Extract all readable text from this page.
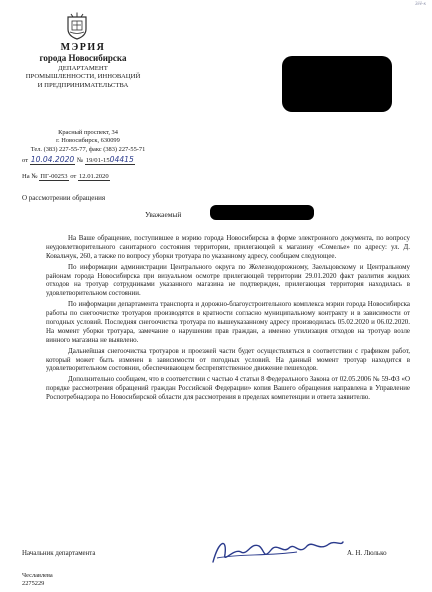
3ёё-к
МЭРИЯ
города Новосибирска
ДЕПАРТАМЕНТ
ПРОМЫШЛЕННОСТИ, ИННОВАЦИЙ
И ПРЕДПРИНИМАТЕЛЬСТВА
Красный проспект, 34
г. Новосибирск, 630099
Тел. (383) 227-55-77, факс (383) 227-55-71
от 10.04.2020 № 19/01-1504415
На № ПГ-00253 от 12.01.2020
О рассмотрении обращения
Уважаемый

На Ваше обращение, поступившее в мэрию города Новосибирска в форме электронного документа, по вопросу неудовлетворительного санитарного состояния территории, прилегающей к магазину «Сомелье» по адресу: ул. Д. Ковальчук, 260, а также по вопросу уборки тротуара по указанному адресу, сообщаем следующее.

По информации администрации Центрального округа по Железнодорожному, Заельцовскому и Центральному районам города Новосибирска при визуальном осмотре прилегающей территории 29.01.2020 факт разлития жидких отходов на тротуар сотрудниками указанного магазина не подтвержден, прилегающая территория находилась в удовлетворительном состоянии.

По информации департамента транспорта и дорожно-благоустроительного комплекса мэрии города Новосибирска работы по снегоочистке тротуаров производятся в кратности согласно муниципальному контракту и в зависимости от погодных условий. Последняя снегоочистка тротуара по вышеуказанному адресу производилась 05.02.2020 и 06.02.2020. На момент уборки тротуара, замечание о нарушении прав граждан, а именно утилизация отходов на тротуар возле винного магазина не выявлено.

Дальнейшая снегоочистка тротуаров и проезжей части будет осуществляться в соответствии с графиком работ, который может быть изменен в зависимости от погодных условий. На данный момент тротуар находится в удовлетворительном состоянии, обеспечивающем беспрепятственное движение пешеходов.

Дополнительно сообщаем, что в соответствии с частью 4 статьи 8 Федерального Закона от 02.05.2006 № 59-ФЗ «О порядке рассмотрения обращений граждан Российской Федерации» копия Вашего обращения направлена в Управление Роспотребнадзора по Новосибирской области для рассмотрения в пределах компетенции и ответа заявителю.

Начальник департамента	А. Н. Люлько
Чеславлева
2275229
